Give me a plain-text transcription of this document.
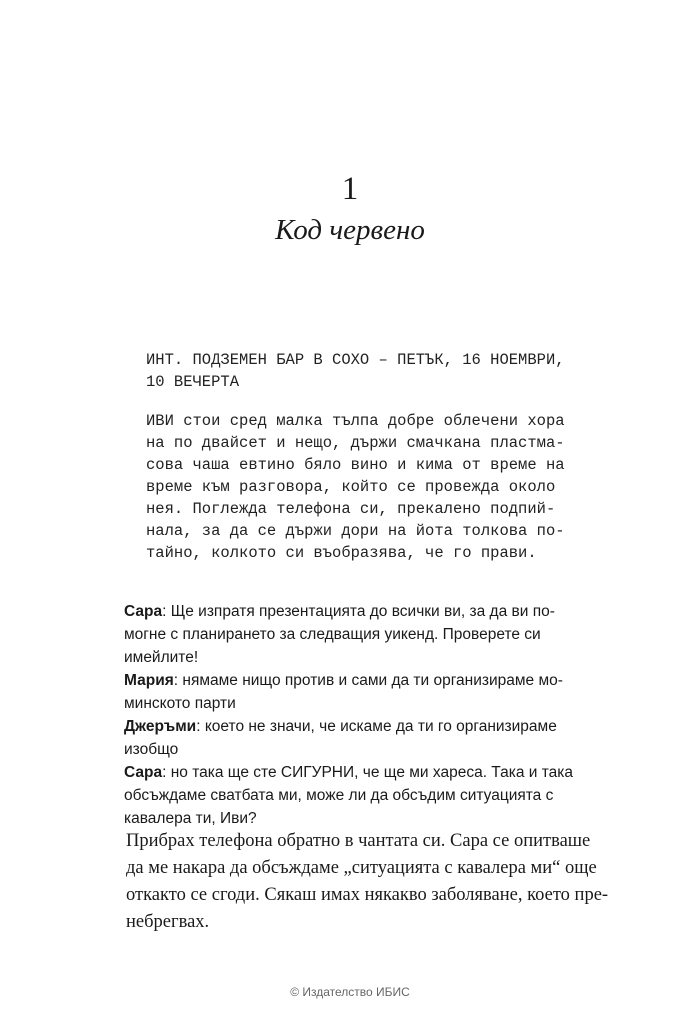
1
Код червено
ИНТ. ПОДЗЕМЕН БАР В СОХО – ПЕТЪК, 16 НОЕМВРИ,
10 ВЕЧЕРТА
ИВИ стои сред малка тълпа добре облечени хора
на по двайсет и нещо, държи смачкана пластма-
сова чаша евтино бяло вино и кима от време на
време към разговора, който се провежда около
нея. Поглежда телефона си, прекалено подпий-
нала, за да се държи дори на йота толкова по-
тайно, колкото си въобразява, че го прави.
Сара: Ще изпратя презентацията до всички ви, за да ви по-
могне с планирането за следващия уикенд. Проверете си
имейлите!
Мария: нямаме нищо против и сами да ти организираме мо-
минското парти
Джеръми: което не значи, че искаме да ти го организираме
изобщо
Сара: но така ще сте СИГУРНИ, че ще ми хареса. Така и така
обсъждаме сватбата ми, може ли да обсъдим ситуацията с
кавалера ти, Иви?
Прибрах телефона обратно в чантата си. Сара се опитваше
да ме накара да обсъждаме „ситуацията с кавалера ми“ още
откакто се сгоди. Сякаш имах някакво заболяване, което пре-
небрегвах.
© Издателство ИБИС
